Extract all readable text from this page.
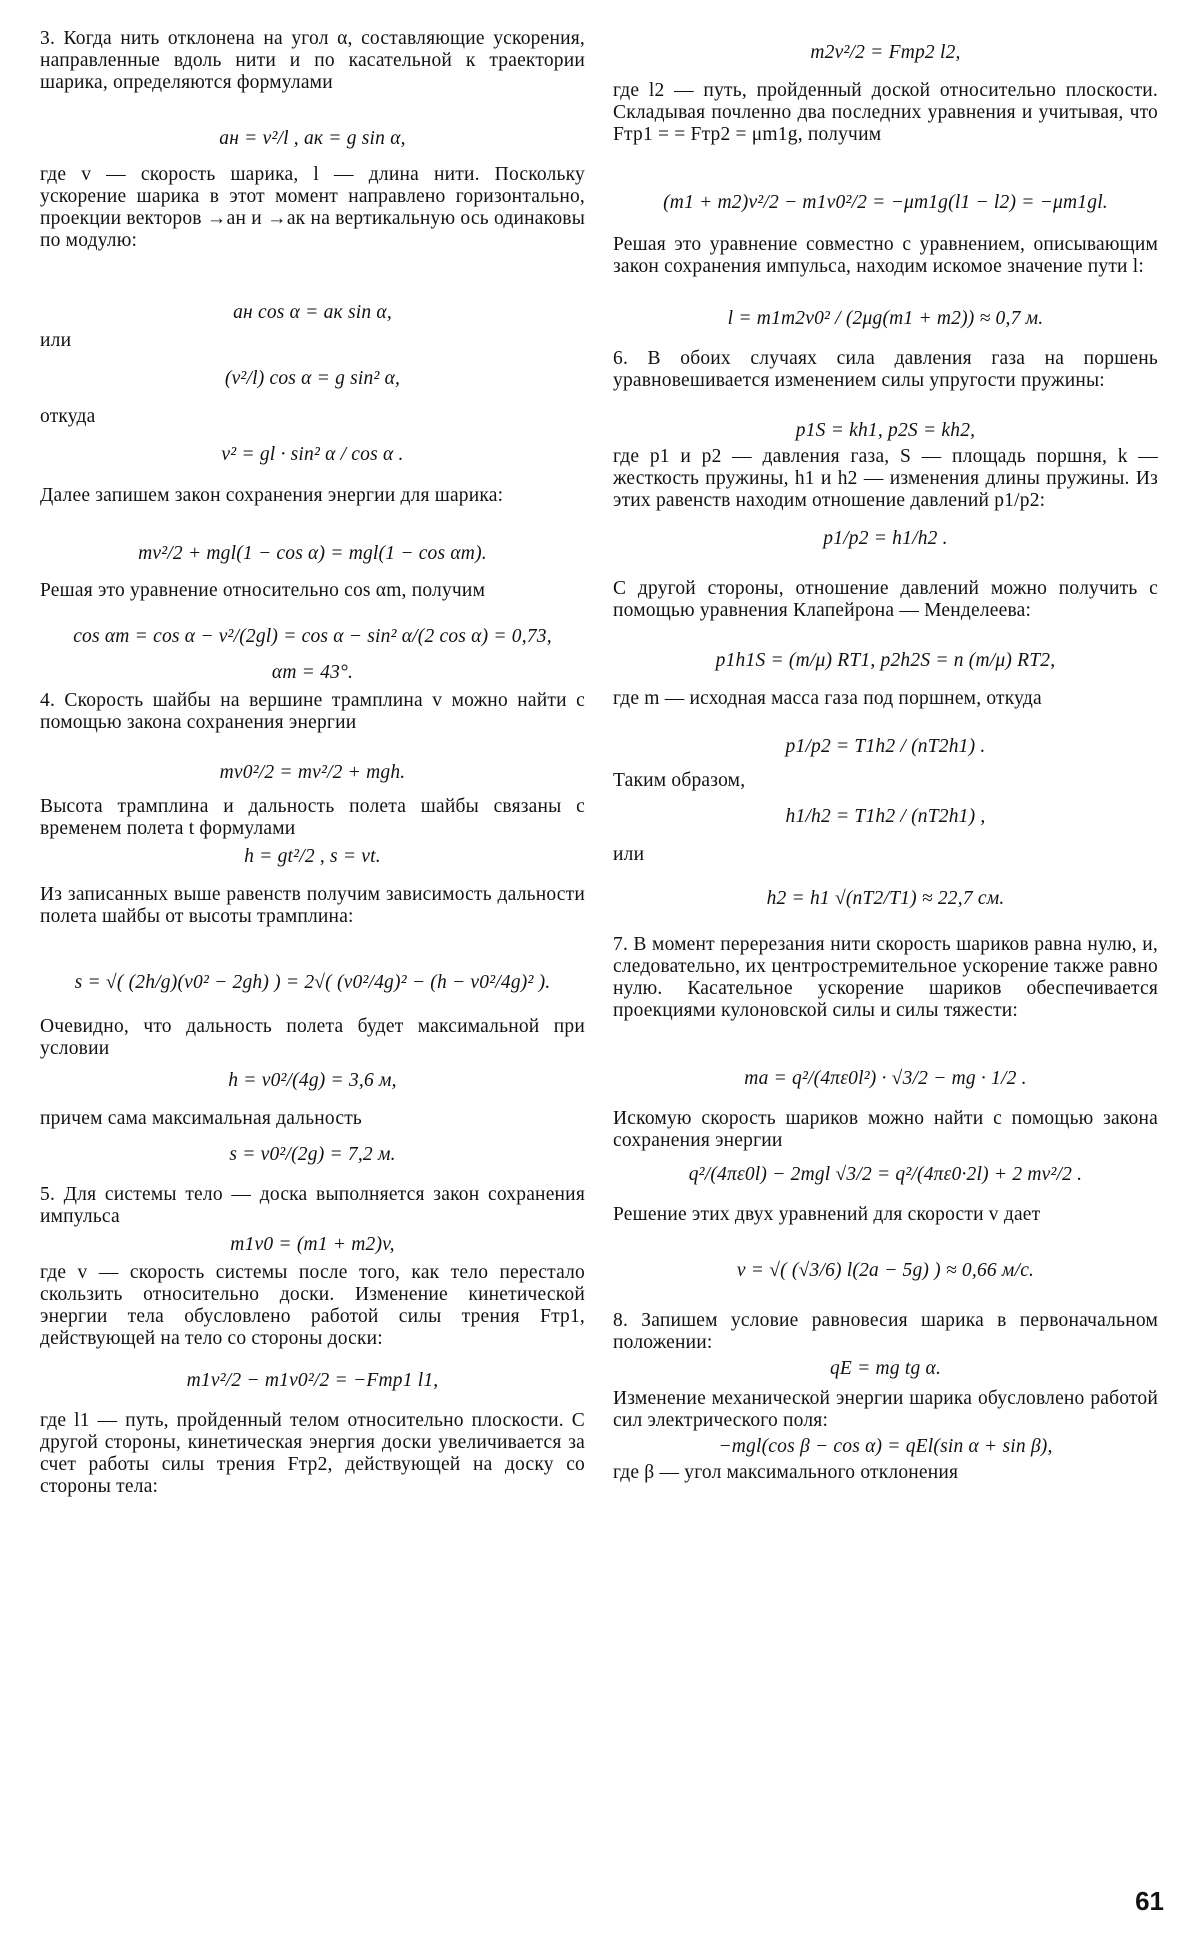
3. Когда нить отклонена на угол α, составляющие ускорения, направленные вдоль нити и по касательной к траектории шарика, определяются формулами
aн = v²/l , aк = g sin α,
где v — скорость шарика, l — длина нити. Поскольку ускорение шарика в этот момент направлено горизонтально, проекции векторов →aн и →aк на вертикальную ось одинаковы по модулю:
aн cos α = aк sin α,
или
(v²/l) cos α = g sin² α,
откуда
v² = gl · sin² α / cos α .
Далее запишем закон сохранения энергии для шарика:
mv²/2 + mgl(1 − cos α) = mgl(1 − cos αm).
Решая это уравнение относительно cos αm, получим
cos αm = cos α − v²/(2gl) = cos α − sin² α/(2 cos α) = 0,73,
αm = 43°.
4. Скорость шайбы на вершине трамплина v можно найти с помощью закона сохранения энергии
mv0²/2 = mv²/2 + mgh.
Высота трамплина и дальность полета шайбы связаны с временем полета t формулами
h = gt²/2 , s = vt.
Из записанных выше равенств получим зависимость дальности полета шайбы от высоты трамплина:
s = √( (2h/g)(v0² − 2gh) ) = 2√( (v0²/4g)² − (h − v0²/4g)² ).
Очевидно, что дальность полета будет максимальной при условии
h = v0²/(4g) = 3,6 м,
причем сама максимальная дальность
s = v0²/(2g) = 7,2 м.
5. Для системы тело — доска выполняется закон сохранения импульса
m1v0 = (m1 + m2)v,
где v — скорость системы после того, как тело перестало скользить относительно доски. Изменение кинетической энергии тела обусловлено работой силы трения Fтр1, действующей на тело со стороны доски:
m1v²/2 − m1v0²/2 = −Fтр1 l1,
где l1 — путь, пройденный телом относительно плоскости. С другой стороны, кинетическая энергия доски увеличивается за счет работы силы трения Fтр2, действующей на доску со стороны тела:
m2v²/2 = Fтр2 l2,
где l2 — путь, пройденный доской относительно плоскости. Складывая почленно два последних уравнения и учитывая, что Fтр1 = = Fтр2 = μm1g, получим
(m1 + m2)v²/2 − m1v0²/2 = −μm1g(l1 − l2) = −μm1gl.
Решая это уравнение совместно с уравнением, описывающим закон сохранения импульса, находим искомое значение пути l:
l = m1m2v0² / (2μg(m1 + m2)) ≈ 0,7 м.
6. В обоих случаях сила давления газа на поршень уравновешивается изменением силы упругости пружины:
p1S = kh1, p2S = kh2,
где p1 и p2 — давления газа, S — площадь поршня, k — жесткость пружины, h1 и h2 — изменения длины пружины. Из этих равенств находим отношение давлений p1/p2:
p1/p2 = h1/h2 .
С другой стороны, отношение давлений можно получить с помощью уравнения Клапейрона — Менделеева:
p1h1S = (m/μ) RT1, p2h2S = n (m/μ) RT2,
где m — исходная масса газа под поршнем, откуда
p1/p2 = T1h2 / (nT2h1) .
Таким образом,
h1/h2 = T1h2 / (nT2h1) ,
или
h2 = h1 √(nT2/T1) ≈ 22,7 см.
7. В момент перерезания нити скорость шариков равна нулю, и, следовательно, их центростремительное ускорение также равно нулю. Касательное ускорение шариков обеспечивается проекциями кулоновской силы и силы тяжести:
ma = q²/(4πε0l²) · √3/2 − mg · 1/2 .
Искомую скорость шариков можно найти с помощью закона сохранения энергии
q²/(4πε0l) − 2mgl √3/2 = q²/(4πε0·2l) + 2 mv²/2 .
Решение этих двух уравнений для скорости v дает
v = √( (√3/6) l(2a − 5g) ) ≈ 0,66 м/с.
8. Запишем условие равновесия шарика в первоначальном положении:
qE = mg tg α.
Изменение механической энергии шарика обусловлено работой сил электрического поля:
−mgl(cos β − cos α) = qEl(sin α + sin β),
где β — угол максимального отклонения
61
